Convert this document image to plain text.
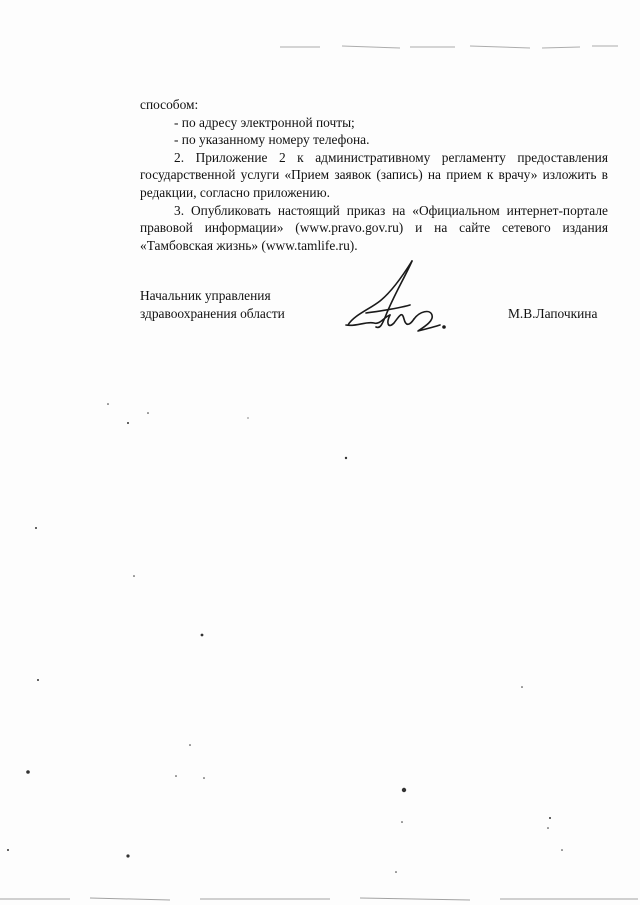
способом:

- по адресу электронной почты;

- по указанному номеру телефона.

2. Приложение 2 к административному регламенту предоставления государственной услуги «Прием заявок (запись) на прием к врачу» изложить в редакции, согласно приложению.

3. Опубликовать настоящий приказ на «Официальном интернет-портале правовой информации» (www.pravo.gov.ru) и на сайте сетевого издания «Тамбовская жизнь» (www.tamlife.ru).

Начальник управления
здравоохранения области	М.В.Лапочкина
